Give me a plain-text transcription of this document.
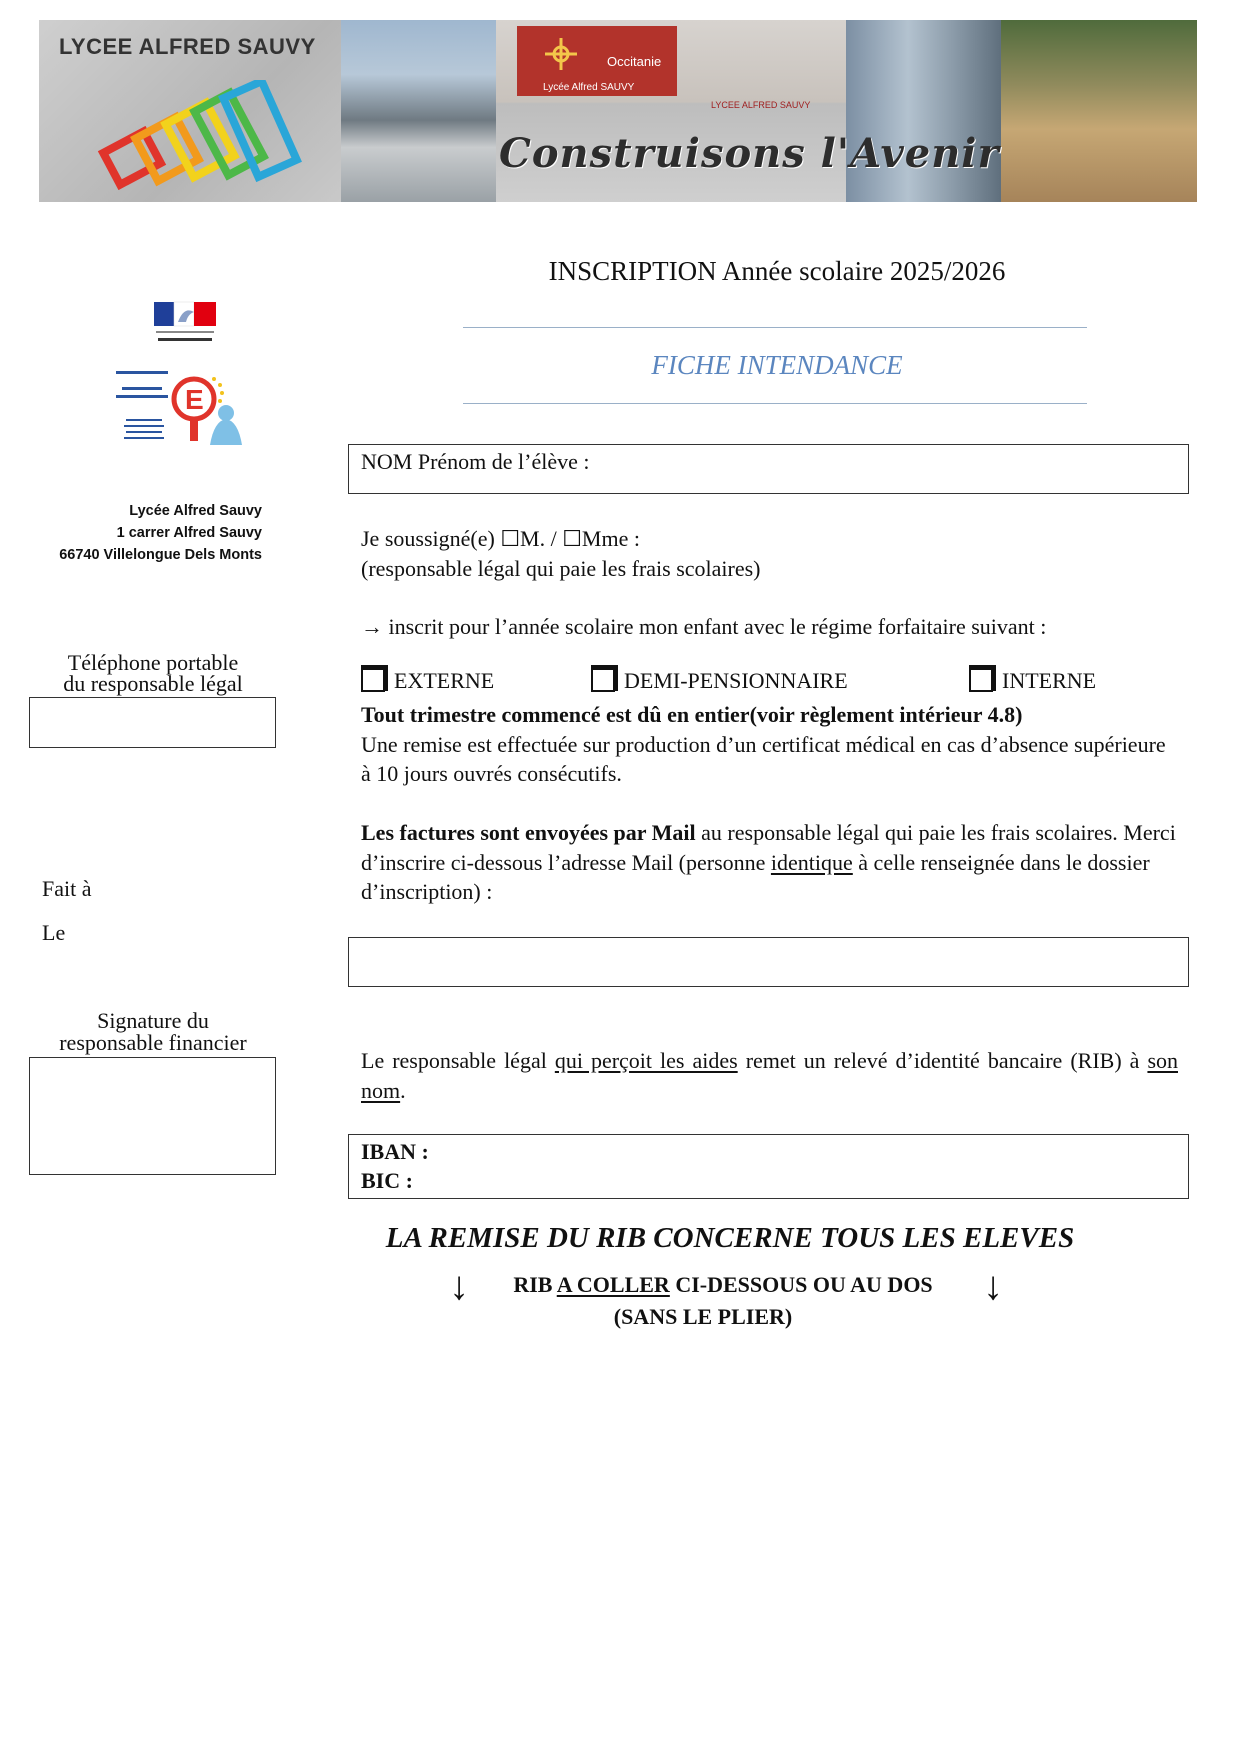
LYCEE ALFRED SAUVY
Occitanie
Lycée Alfred SAUVY
LYCEE ALFRED SAUVY
Construisons l'Avenir
E
Lycée Alfred Sauvy
1 carrer Alfred Sauvy
66740 Villelongue Dels Monts
Téléphone portable
du responsable légal
Fait à
Le
Signature du
responsable financier
INSCRIPTION Année scolaire 2025/2026
FICHE INTENDANCE
NOM Prénom de l’élève :
Je soussigné(e) ☐M. / ☐Mme :
(responsable légal qui paie les frais scolaires)
→ inscrit pour l’année scolaire mon enfant avec le régime forfaitaire suivant :
EXTERNE	DEMI-PENSIONNAIRE	INTERNE
Tout trimestre commencé est dû en entier(voir règlement intérieur 4.8)
Une remise est effectuée sur production d’un certificat médical en cas d’absence supérieure à 10 jours ouvrés consécutifs.
Les factures sont envoyées par Mail au responsable légal qui paie les frais scolaires. Merci d’inscrire ci-dessous l’adresse Mail (personne identique à celle renseignée dans le dossier d’inscription) :
Le responsable légal qui perçoit les aides remet un relevé d’identité bancaire (RIB) à son nom.
IBAN :
BIC :
LA REMISE DU RIB CONCERNE TOUS LES ELEVES
↓	RIB A COLLER CI-DESSOUS OU AU DOS	↓
(SANS LE PLIER)
